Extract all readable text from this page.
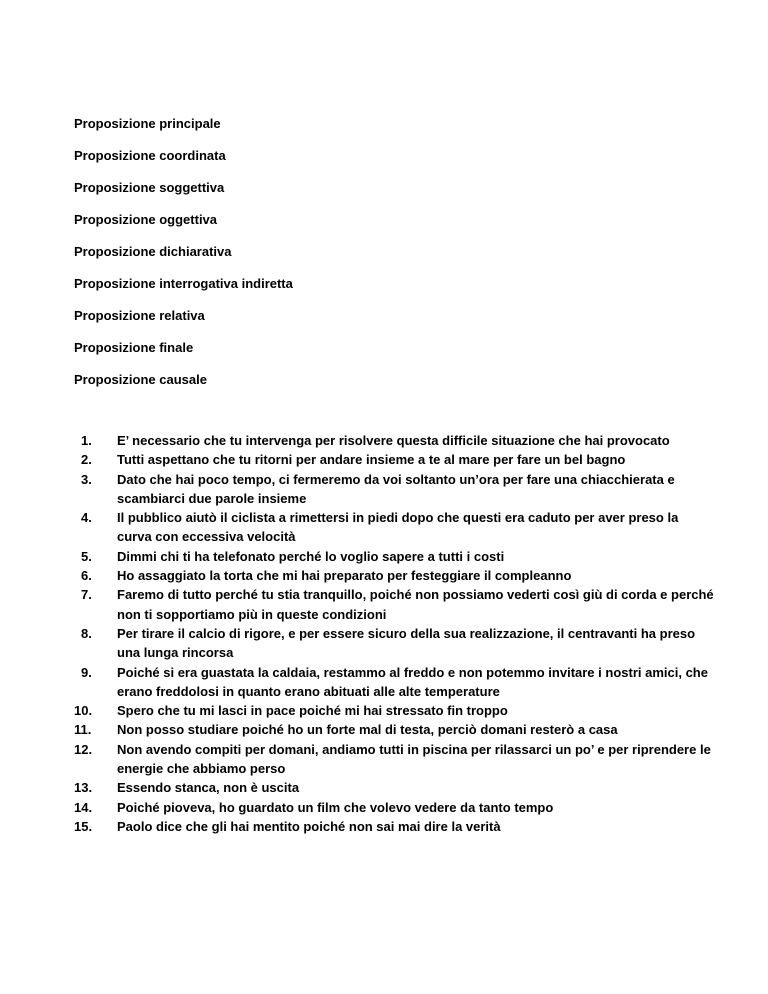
Proposizione principale
Proposizione coordinata
Proposizione soggettiva
Proposizione oggettiva
Proposizione dichiarativa
Proposizione interrogativa indiretta
Proposizione relativa
Proposizione finale
Proposizione causale
1.	E’ necessario che tu intervenga per risolvere questa difficile situazione che hai provocato
2.	Tutti aspettano che tu ritorni per andare insieme a te al mare per fare un bel bagno
3.	Dato che hai poco tempo, ci fermeremo da voi soltanto un’ora per fare una chiacchierata e scambiarci due parole insieme
4.	Il pubblico aiutò il ciclista a rimettersi in piedi dopo che questi era caduto per aver preso la curva con eccessiva velocità
5.	Dimmi chi ti ha telefonato perché lo voglio sapere a tutti i costi
6.	Ho assaggiato la torta che mi hai preparato per festeggiare il compleanno
7.	Faremo di tutto perché tu stia tranquillo, poiché non possiamo vederti così giù di corda e perché non ti sopportiamo più in queste condizioni
8.	Per tirare il calcio di rigore, e per essere sicuro della sua realizzazione, il centravanti ha preso una lunga rincorsa
9.	Poiché si era guastata la caldaia, restammo al freddo e non potemmo invitare i nostri amici, che erano freddolosi in quanto erano abituati alle alte temperature
10.	Spero che tu mi lasci in pace poiché mi hai stressato fin troppo
11.	Non posso studiare poiché ho un forte mal di testa, perciò domani resterò a casa
12.	Non avendo compiti per domani, andiamo tutti in piscina per rilassarci un po’ e per riprendere le energie che abbiamo perso
13.	Essendo stanca, non è uscita
14.	Poiché pioveva, ho guardato un film che volevo vedere da tanto tempo
15.	Paolo dice che gli hai mentito poiché non sai mai dire la verità
